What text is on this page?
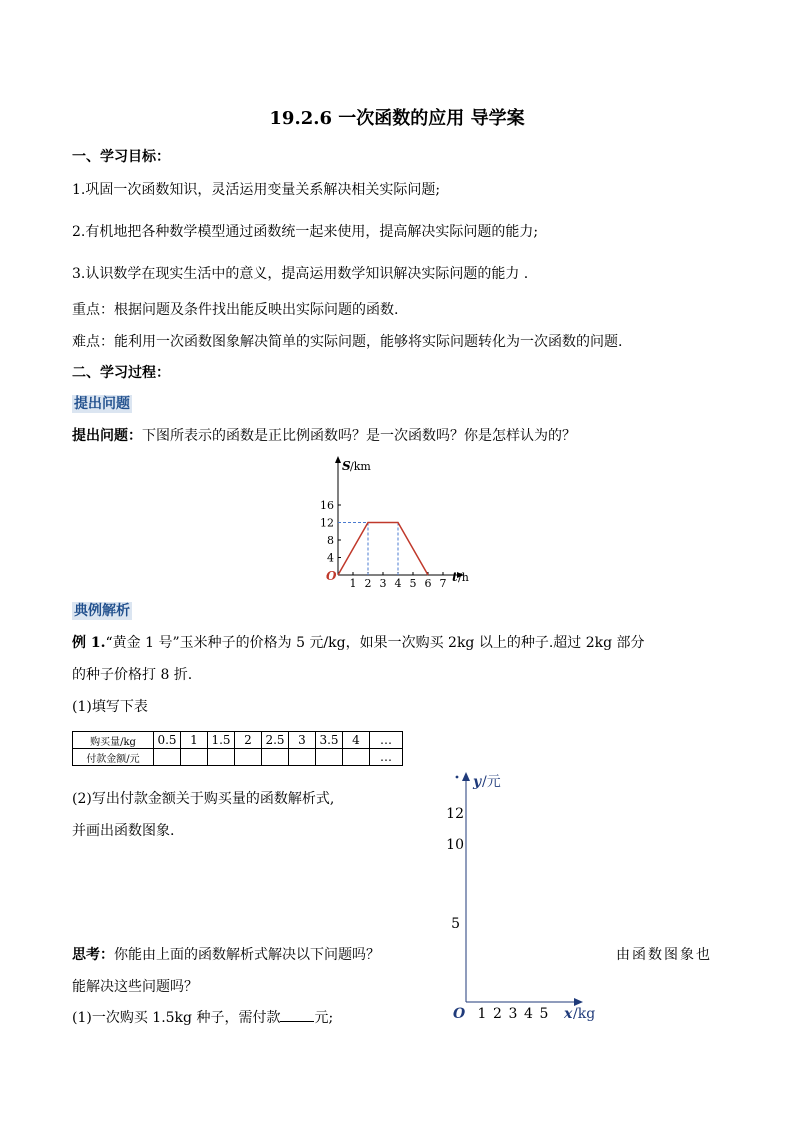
19.2.6 一次函数的应用 导学案
一、学习目标：
1.巩固一次函数知识，灵活运用变量关系解决相关实际问题;
2.有机地把各种数学模型通过函数统一起来使用，提高解决实际问题的能力;
3.认识数学在现实生活中的意义，提高运用数学知识解决实际问题的能力 .
重点：根据问题及条件找出能反映出实际问题的函数.
难点：能利用一次函数图象解决简单的实际问题，能够将实际问题转化为一次函数的问题.
二、学习过程：
提出问题
提出问题：下图所表示的函数是正比例函数吗？是一次函数吗？你是怎样认为的？
S /km
t /h
O
4
8
12
16
1 2 3 4 5 6 7
典例解析
例 1.“黄金 1 号”玉米种子的价格为 5 元/kg，如果一次购买 2kg 以上的种子.超过 2kg 部分
的种子价格打 8 折.
(1)填写下表
购买量/kg	0.5	1	1.5	2	2.5	3	3.5	4	…
付款金额/元									…
(2)写出付款金额关于购买量的函数解析式,
并画出函数图象.
y /元
x /kg
O
5
10
12
1 2 3 4 5
思考：你能由上面的函数解析式解决以下问题吗？	由函数图象也
能解决这些问题吗？
(1)一次购买 1.5kg 种子，需付款 元;
